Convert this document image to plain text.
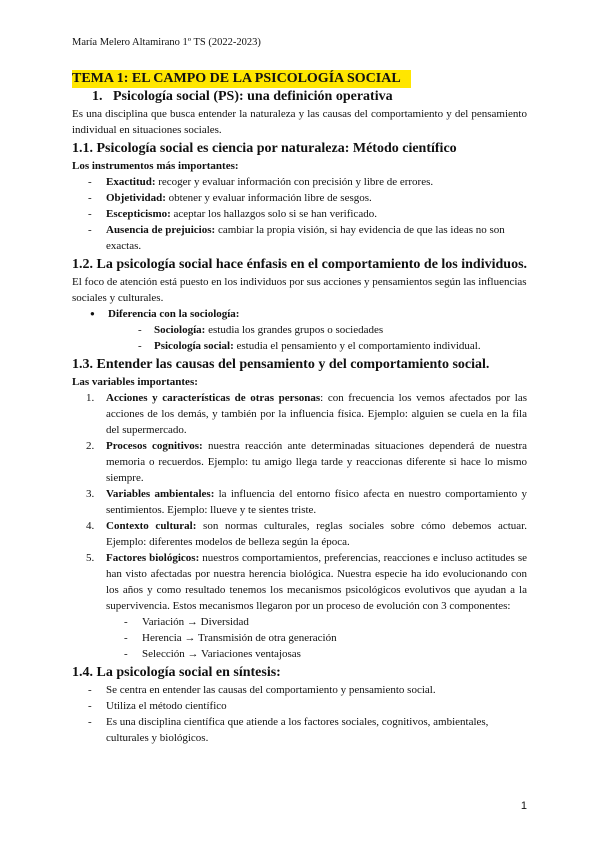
María Melero Altamirano 1º TS (2022-2023)
TEMA 1: EL CAMPO DE LA PSICOLOGÍA SOCIAL
1. Psicología social (PS): una definición operativa

Es una disciplina que busca entender la naturaleza y las causas del comportamiento y del pensamiento individual en situaciones sociales.

1.1. Psicología social es ciencia por naturaleza: Método científico
Los instrumentos más importantes:
- Exactitud: recoger y evaluar información con precisión y libre de errores.
- Objetividad: obtener y evaluar información libre de sesgos.
- Escepticismo: aceptar los hallazgos solo si se han verificado.
- Ausencia de prejuicios: cambiar la propia visión, si hay evidencia de que las ideas no son exactas.
1.2. La psicología social hace énfasis en el comportamiento de los individuos.

El foco de atención está puesto en los individuos por sus acciones y pensamientos según las influencias sociales y culturales.

● Diferencia con la sociología:
- Sociología: estudia los grandes grupos o sociedades
- Psicología social: estudia el pensamiento y el comportamiento individual.
1.3. Entender las causas del pensamiento y del comportamiento social.
Las variables importantes:
1. Acciones y características de otras personas: con frecuencia los vemos afectados por las acciones de los demás, y también por la influencia física. Ejemplo: alguien se cuela en la fila del supermercado.
2. Procesos cognitivos: nuestra reacción ante determinadas situaciones dependerá de nuestra memoria o recuerdos. Ejemplo: tu amigo llega tarde y reaccionas diferente si hace lo mismo siempre.
3. Variables ambientales: la influencia del entorno físico afecta en nuestro comportamiento y sentimientos. Ejemplo: llueve y te sientes triste.
4. Contexto cultural: son normas culturales, reglas sociales sobre cómo debemos actuar. Ejemplo: diferentes modelos de belleza según la época.
5. Factores biológicos: nuestros comportamientos, preferencias, reacciones e incluso actitudes se han visto afectadas por nuestra herencia biológica. Nuestra especie ha ido evolucionando con los años y como resultado tenemos los mecanismos psicológicos evolutivos que ayudan a la supervivencia. Estos mecanismos llegaron por un proceso de evolución con 3 componentes:
- Variación → Diversidad
- Herencia → Transmisión de otra generación
- Selección → Variaciones ventajosas
1.4. La psicología social en síntesis:
- Se centra en entender las causas del comportamiento y pensamiento social.
- Utiliza el método científico
- Es una disciplina científica que atiende a los factores sociales, cognitivos, ambientales, culturales y biológicos.
1
